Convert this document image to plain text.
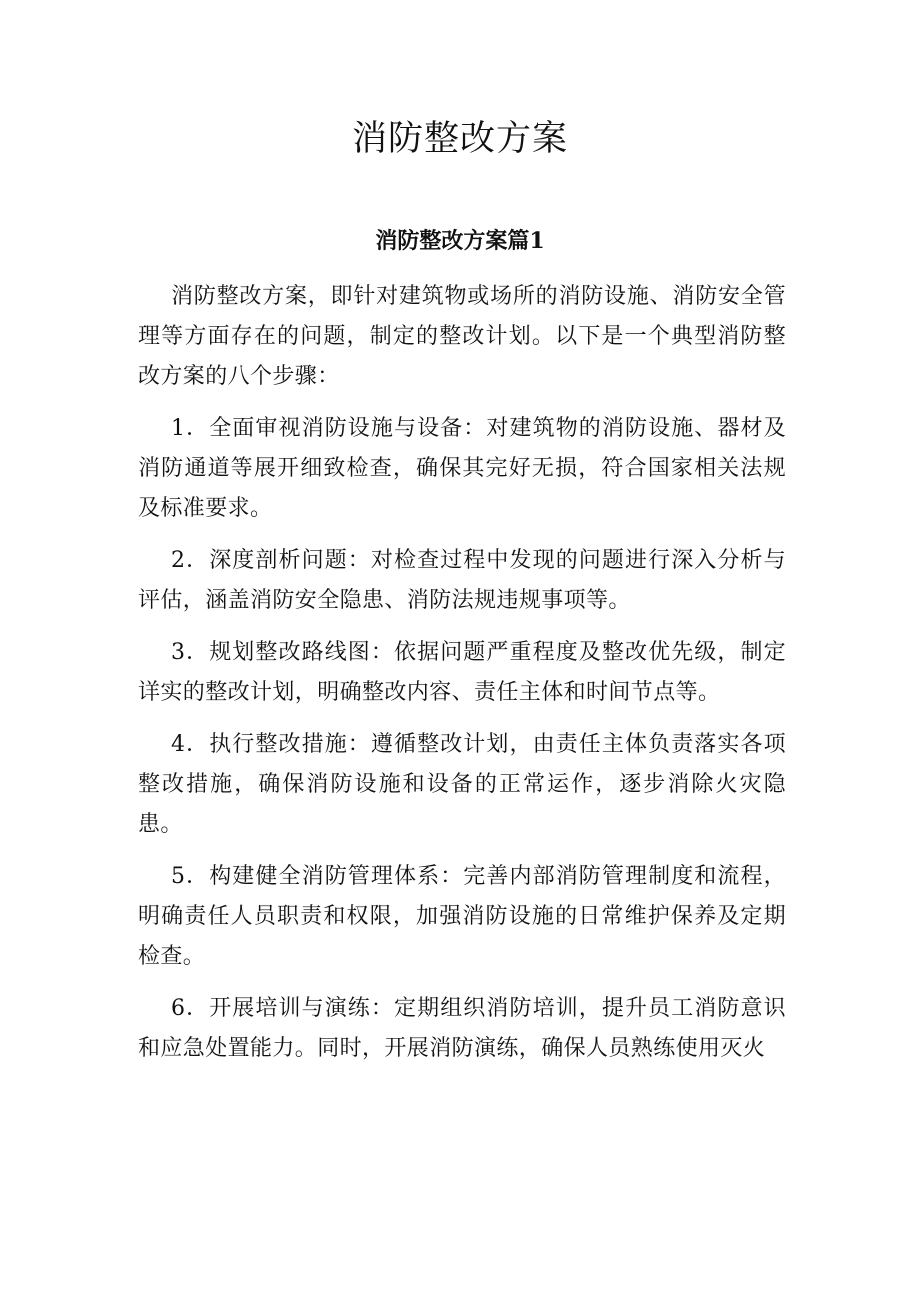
消防整改方案
消防整改方案篇1

消防整改方案，即针对建筑物或场所的消防设施、消防安全管理等方面存在的问题，制定的整改计划。以下是一个典型消防整改方案的八个步骤：

1．全面审视消防设施与设备：对建筑物的消防设施、器材及消防通道等展开细致检查，确保其完好无损，符合国家相关法规及标准要求。

2．深度剖析问题：对检查过程中发现的问题进行深入分析与评估，涵盖消防安全隐患、消防法规违规事项等。

3．规划整改路线图：依据问题严重程度及整改优先级，制定详实的整改计划，明确整改内容、责任主体和时间节点等。

4．执行整改措施：遵循整改计划，由责任主体负责落实各项整改措施，确保消防设施和设备的正常运作，逐步消除火灾隐患。

5．构建健全消防管理体系：完善内部消防管理制度和流程，明确责任人员职责和权限，加强消防设施的日常维护保养及定期检查。

6．开展培训与演练：定期组织消防培训，提升员工消防意识和应急处置能力。同时，开展消防演练，确保人员熟练使用灭火
